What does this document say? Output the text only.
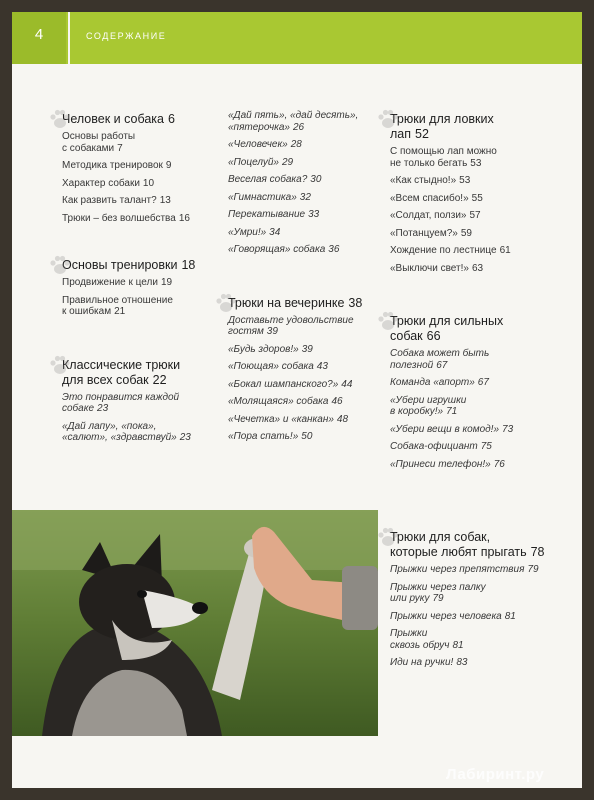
4	СОДЕРЖАНИЕ
Человек и собака 6
Основы работы
с собаками 7
Методика тренировок 9
Характер собаки 10
Как развить талант? 13
Трюки – без волшебства 16
Основы тренировки 18
Продвижение к цели 19
Правильное отношение
к ошибкам 21
Классические трюки
для всех собак 22
Это понравится каждой
собаке 23
«Дай лапу», «пока»,
«салют», «здравствуй» 23
«Дай пять», «дай десять»,
«пятерочка» 26
«Человечек» 28
«Поцелуй» 29
Веселая собака? 30
«Гимнастика» 32
Перекатывание 33
«Умри!» 34
«Говорящая» собака 36
Трюки на вечеринке 38
Доставьте удовольствие
гостям 39
«Будь здоров!» 39
«Поющая» собака 43
«Бокал шампанского?» 44
«Молящаяся» собака 46
«Чечетка» и «канкан» 48
«Пора спать!» 50
Трюки для ловких
лап 52
С помощью лап можно
не только бегать 53
«Как стыдно!» 53
«Всем спасибо!» 55
«Солдат, ползи» 57
«Потанцуем?» 59
Хождение по лестнице 61
«Выключи свет!» 63
Трюки для сильных
собак 66
Собака может быть
полезной 67
Команда «апорт» 67
«Убери игрушки
в коробку!» 71
«Убери вещи в комод!» 73
Собака-официант 75
«Принеси телефон!» 76
Трюки для собак,
которые любят прыгать 78
Прыжки через препятствия 79
Прыжки через палку
или руку 79
Прыжки через человека 81
Прыжки
сквозь обруч 81
Иди на ручки! 83
Лабиринт.ру
